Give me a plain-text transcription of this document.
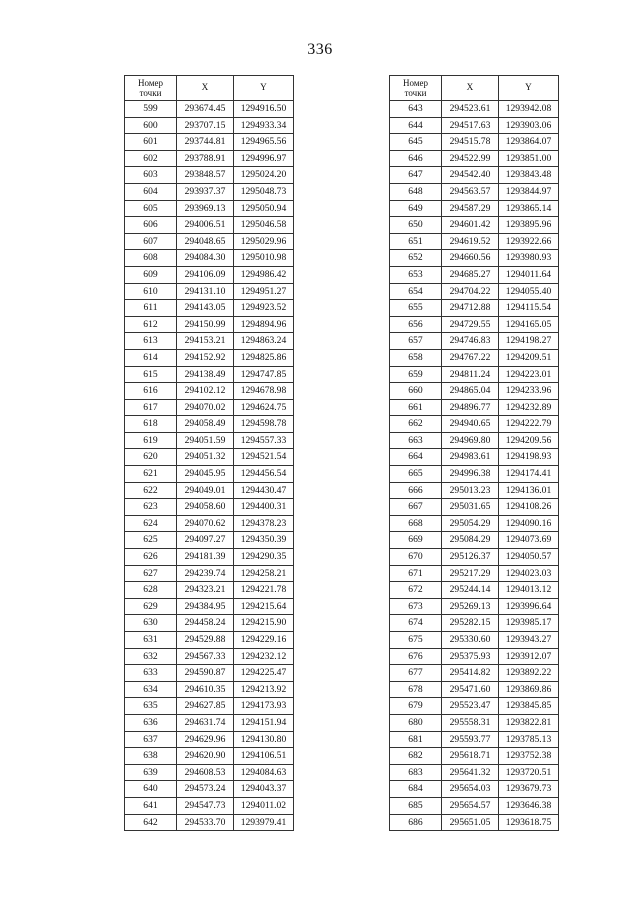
336
Номер
точки	X	Y
599	293674.45	1294916.50
600	293707.15	1294933.34
601	293744.81	1294965.56
602	293788.91	1294996.97
603	293848.57	1295024.20
604	293937.37	1295048.73
605	293969.13	1295050.94
606	294006.51	1295046.58
607	294048.65	1295029.96
608	294084.30	1295010.98
609	294106.09	1294986.42
610	294131.10	1294951.27
611	294143.05	1294923.52
612	294150.99	1294894.96
613	294153.21	1294863.24
614	294152.92	1294825.86
615	294138.49	1294747.85
616	294102.12	1294678.98
617	294070.02	1294624.75
618	294058.49	1294598.78
619	294051.59	1294557.33
620	294051.32	1294521.54
621	294045.95	1294456.54
622	294049.01	1294430.47
623	294058.60	1294400.31
624	294070.62	1294378.23
625	294097.27	1294350.39
626	294181.39	1294290.35
627	294239.74	1294258.21
628	294323.21	1294221.78
629	294384.95	1294215.64
630	294458.24	1294215.90
631	294529.88	1294229.16
632	294567.33	1294232.12
633	294590.87	1294225.47
634	294610.35	1294213.92
635	294627.85	1294173.93
636	294631.74	1294151.94
637	294629.96	1294130.80
638	294620.90	1294106.51
639	294608.53	1294084.63
640	294573.24	1294043.37
641	294547.73	1294011.02
642	294533.70	1293979.41
Номер
точки	X	Y
643	294523.61	1293942.08
644	294517.63	1293903.06
645	294515.78	1293864.07
646	294522.99	1293851.00
647	294542.40	1293843.48
648	294563.57	1293844.97
649	294587.29	1293865.14
650	294601.42	1293895.96
651	294619.52	1293922.66
652	294660.56	1293980.93
653	294685.27	1294011.64
654	294704.22	1294055.40
655	294712.88	1294115.54
656	294729.55	1294165.05
657	294746.83	1294198.27
658	294767.22	1294209.51
659	294811.24	1294223.01
660	294865.04	1294233.96
661	294896.77	1294232.89
662	294940.65	1294222.79
663	294969.80	1294209.56
664	294983.61	1294198.93
665	294996.38	1294174.41
666	295013.23	1294136.01
667	295031.65	1294108.26
668	295054.29	1294090.16
669	295084.29	1294073.69
670	295126.37	1294050.57
671	295217.29	1294023.03
672	295244.14	1294013.12
673	295269.13	1293996.64
674	295282.15	1293985.17
675	295330.60	1293943.27
676	295375.93	1293912.07
677	295414.82	1293892.22
678	295471.60	1293869.86
679	295523.47	1293845.85
680	295558.31	1293822.81
681	295593.77	1293785.13
682	295618.71	1293752.38
683	295641.32	1293720.51
684	295654.03	1293679.73
685	295654.57	1293646.38
686	295651.05	1293618.75
